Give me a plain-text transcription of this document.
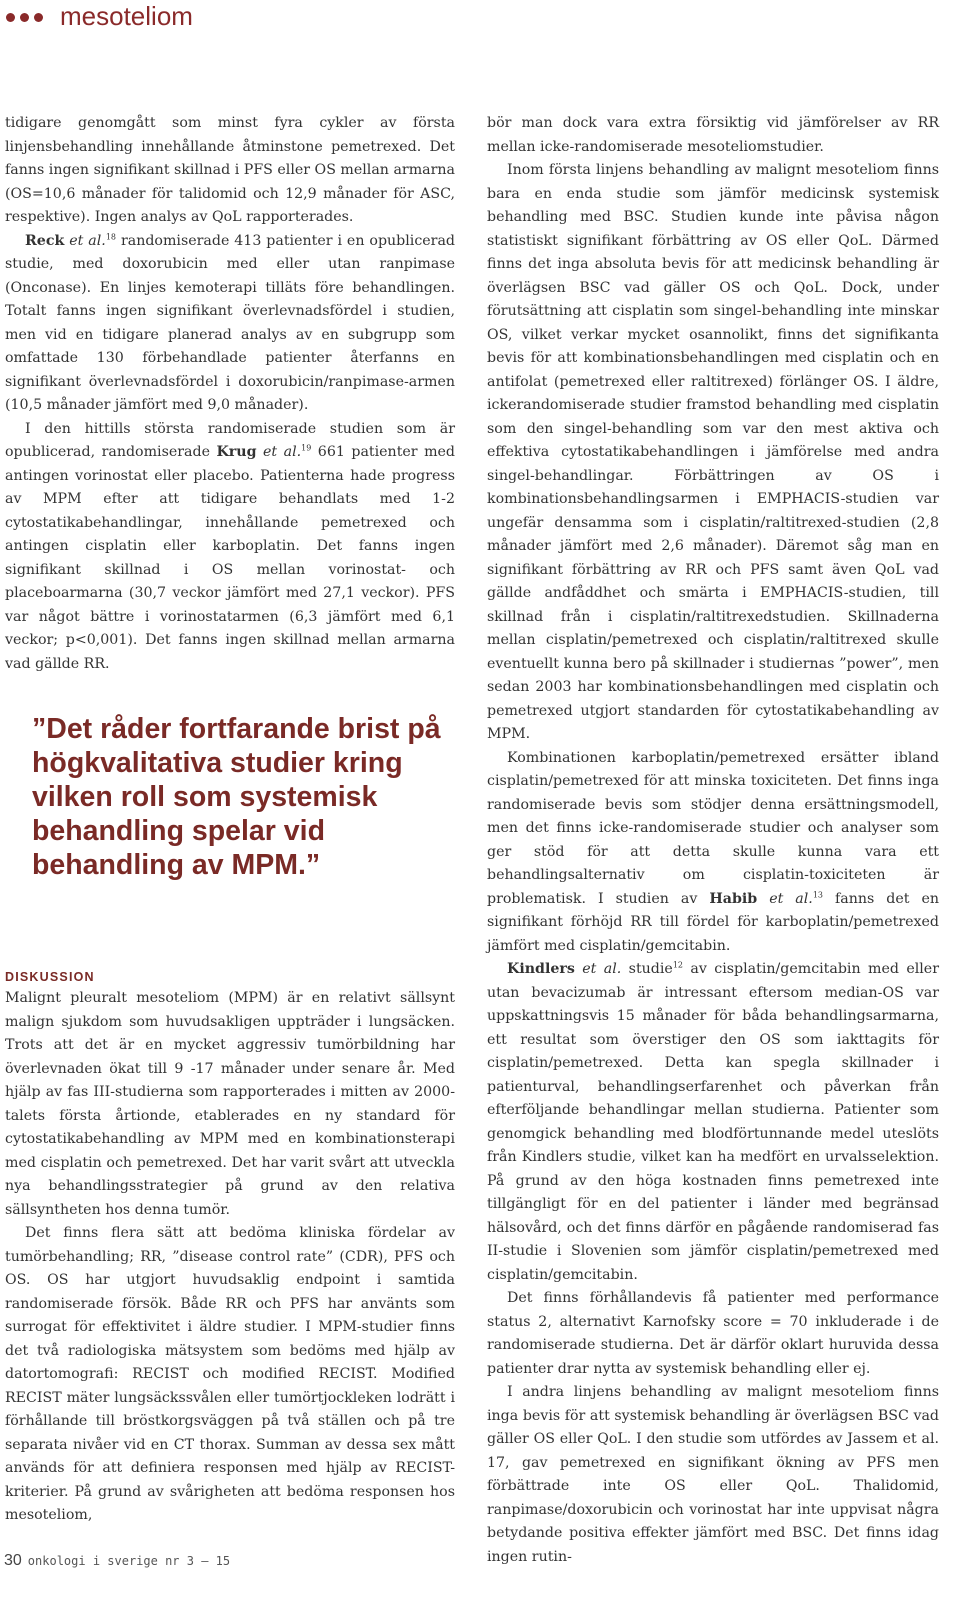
mesoteliom

tidigare genomgått som minst fyra cykler av första linjensbehandling innehållande åtminstone pemetrexed. Det fanns ingen signifikant skillnad i PFS eller OS mellan armarna (OS=10,6 månader för talidomid och 12,9 månader för ASC, respektive). Ingen analys av QoL rapporterades.

Reck et al.$^{18}$ randomiserade 413 patienter i en opublicerad studie, med doxorubicin med eller utan ranpimase (Onconase). En linjes kemoterapi tilläts före behandlingen. Totalt fanns ingen signifikant överlevnadsfördel i studien, men vid en tidigare planerad analys av en subgrupp som omfattade 130 förbehandlade patienter återfanns en signifikant överlevnadsfördel i doxorubicin/ranpimase-armen (10,5 månader jämfört med 9,0 månader).

I den hittills största randomiserade studien som är opublicerad, randomiserade Krug et al.$^{19}$ 661 patienter med antingen vorinostat eller placebo. Patienterna hade progress av MPM efter att tidigare behandlats med 1-2 cytostatikabehandlingar, innehållande pemetrexed och antingen cisplatin eller karboplatin. Det fanns ingen signifikant skillnad i OS mellan vorinostat- och placeboarmarna (30,7 veckor jämfört med 27,1 veckor). PFS var något bättre i vorinostatarmen (6,3 jämfört med 6,1 veckor; p<0,001). Det fanns ingen skillnad mellan armarna vad gällde RR.

”Det råder fortfarande brist på högkvalitativa studier kring vilken roll som systemisk behandling spelar vid behandling av MPM.”
DISKUSSION

Malignt pleuralt mesoteliom (MPM) är en relativt sällsynt malign sjukdom som huvudsakligen uppträder i lungsäcken. Trots att det är en mycket aggressiv tumörbildning har överlevnaden ökat till 9 -17 månader under senare år. Med hjälp av fas III-studierna som rapporterades i mitten av 2000-talets första årtionde, etablerades en ny standard för cytostatikabehandling av MPM med en kombinationsterapi med cisplatin och pemetrexed. Det har varit svårt att utveckla nya behandlingsstrategier på grund av den relativa sällsyntheten hos denna tumör.

Det finns flera sätt att bedöma kliniska fördelar av tumörbehandling; RR, ”disease control rate” (CDR), PFS och OS. OS har utgjort huvudsaklig endpoint i samtida randomiserade försök. Både RR och PFS har använts som surrogat för effektivitet i äldre studier. I MPM-studier finns det två radiologiska mätsystem som bedöms med hjälp av datortomografi: RECIST och modified RECIST. Modified RECIST mäter lungsäckssvålen eller tumörtjockleken lodrätt i förhållande till bröstkorgsväggen på två ställen och på tre separata nivåer vid en CT thorax. Summan av dessa sex mått används för att definiera responsen med hjälp av RECIST-kriterier. På grund av svårigheten att bedöma responsen hos mesoteliom,

bör man dock vara extra försiktig vid jämförelser av RR mellan icke-randomiserade mesoteliomstudier.

Inom första linjens behandling av malignt mesoteliom finns bara en enda studie som jämför medicinsk systemisk behandling med BSC. Studien kunde inte påvisa någon statistiskt signifikant förbättring av OS eller QoL. Därmed finns det inga absoluta bevis för att medicinsk behandling är överlägsen BSC vad gäller OS och QoL. Dock, under förutsättning att cisplatin som singel-behandling inte minskar OS, vilket verkar mycket osannolikt, finns det signifikanta bevis för att kombinationsbehandlingen med cisplatin och en antifolat (pemetrexed eller raltitrexed) förlänger OS. I äldre, ickerandomiserade studier framstod behandling med cisplatin som den singel-behandling som var den mest aktiva och effektiva cytostatikabehandlingen i jämförelse med andra singel-behandlingar. Förbättringen av OS i kombinationsbehandlingsarmen i EMPHACIS-studien var ungefär densamma som i cisplatin/raltitrexed-studien (2,8 månader jämfört med 2,6 månader). Däremot såg man en signifikant förbättring av RR och PFS samt även QoL vad gällde andfåddhet och smärta i EMPHACIS-studien, till skillnad från i cisplatin/raltitrexedstudien. Skillnaderna mellan cisplatin/pemetrexed och cisplatin/raltitrexed skulle eventuellt kunna bero på skillnader i studiernas ”power”, men sedan 2003 har kombinationsbehandlingen med cisplatin och pemetrexed utgjort standarden för cytostatikabehandling av MPM.

Kombinationen karboplatin/pemetrexed ersätter ibland cisplatin/pemetrexed för att minska toxiciteten. Det finns inga randomiserade bevis som stödjer denna ersättningsmodell, men det finns icke-randomiserade studier och analyser som ger stöd för att detta skulle kunna vara ett behandlingsalternativ om cisplatin-toxiciteten är problematisk. I studien av Habib et al.$^{13}$ fanns det en signifikant förhöjd RR till fördel för karboplatin/pemetrexed jämfört med cisplatin/gemcitabin.

Kindlers et al. studie$^{12}$ av cisplatin/gemcitabin med eller utan bevacizumab är intressant eftersom median-OS var uppskattningsvis 15 månader för båda behandlingsarmarna, ett resultat som överstiger den OS som iakttagits för cisplatin/pemetrexed. Detta kan spegla skillnader i patienturval, behandlingserfarenhet och påverkan från efterföljande behandlingar mellan studierna. Patienter som genomgick behandling med blodförtunnande medel uteslöts från Kindlers studie, vilket kan ha medfört en urvalsselektion. På grund av den höga kostnaden finns pemetrexed inte tillgängligt för en del patienter i länder med begränsad hälsovård, och det finns därför en pågående randomiserad fas II-studie i Slovenien som jämför cisplatin/pemetrexed med cisplatin/gemcitabin.

Det finns förhållandevis få patienter med performance status 2, alternativt Karnofsky score = 70 inkluderade i de randomiserade studierna. Det är därför oklart huruvida dessa patienter drar nytta av systemisk behandling eller ej.

I andra linjens behandling av malignt mesoteliom finns inga bevis för att systemisk behandling är överlägsen BSC vad gäller OS eller QoL. I den studie som utfördes av Jassem et al. 17, gav pemetrexed en signifikant ökning av PFS men förbättrade inte OS eller QoL. Thalidomid, ranpimase/doxorubicin och vorinostat har inte uppvisat några betydande positiva effekter jämfört med BSC. Det finns idag ingen rutin-

30 onkologi i sverige nr 3 – 15
